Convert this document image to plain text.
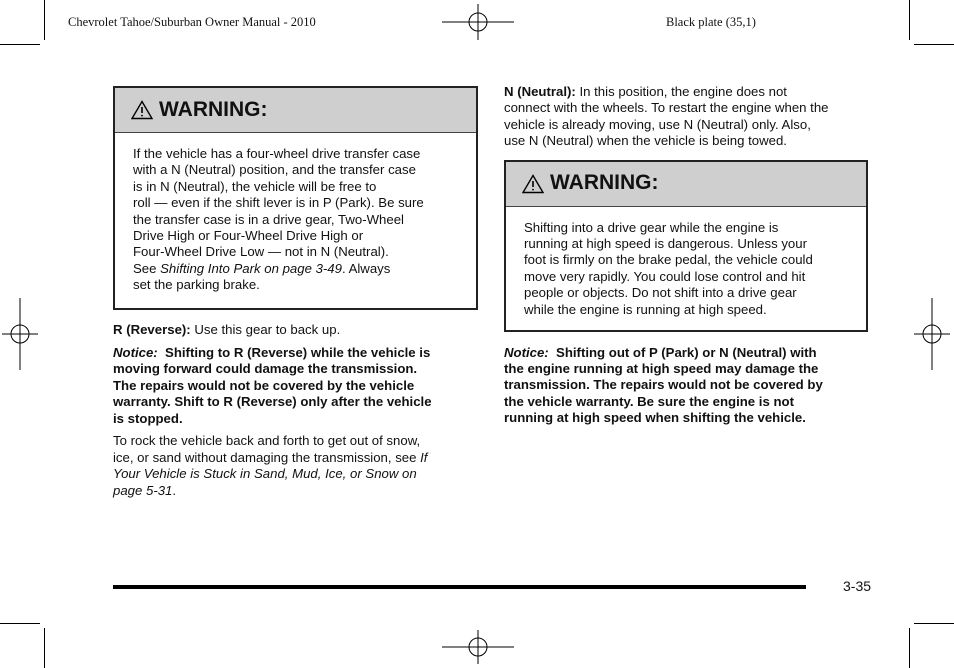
Chevrolet Tahoe/Suburban Owner Manual - 2010	Black plate (35,1)
WARNING:
If the vehicle has a four-wheel drive transfer case
with a N (Neutral) position, and the transfer case
is in N (Neutral), the vehicle will be free to
roll — even if the shift lever is in P (Park). Be sure
the transfer case is in a drive gear, Two-Wheel
Drive High or Four-Wheel Drive High or
Four-Wheel Drive Low — not in N (Neutral).
See Shifting Into Park on page 3-49. Always
set the parking brake.

R (Reverse): Use this gear to back up.

Notice: Shifting to R (Reverse) while the vehicle is
moving forward could damage the transmission.
The repairs would not be covered by the vehicle
warranty. Shift to R (Reverse) only after the vehicle
is stopped.

To rock the vehicle back and forth to get out of snow,
ice, or sand without damaging the transmission, see If
Your Vehicle is Stuck in Sand, Mud, Ice, or Snow on
page 5-31.

N (Neutral): In this position, the engine does not
connect with the wheels. To restart the engine when the
vehicle is already moving, use N (Neutral) only. Also,
use N (Neutral) when the vehicle is being towed.

WARNING:
Shifting into a drive gear while the engine is
running at high speed is dangerous. Unless your
foot is firmly on the brake pedal, the vehicle could
move very rapidly. You could lose control and hit
people or objects. Do not shift into a drive gear
while the engine is running at high speed.

Notice: Shifting out of P (Park) or N (Neutral) with
the engine running at high speed may damage the
transmission. The repairs would not be covered by
the vehicle warranty. Be sure the engine is not
running at high speed when shifting the vehicle.

3-35
